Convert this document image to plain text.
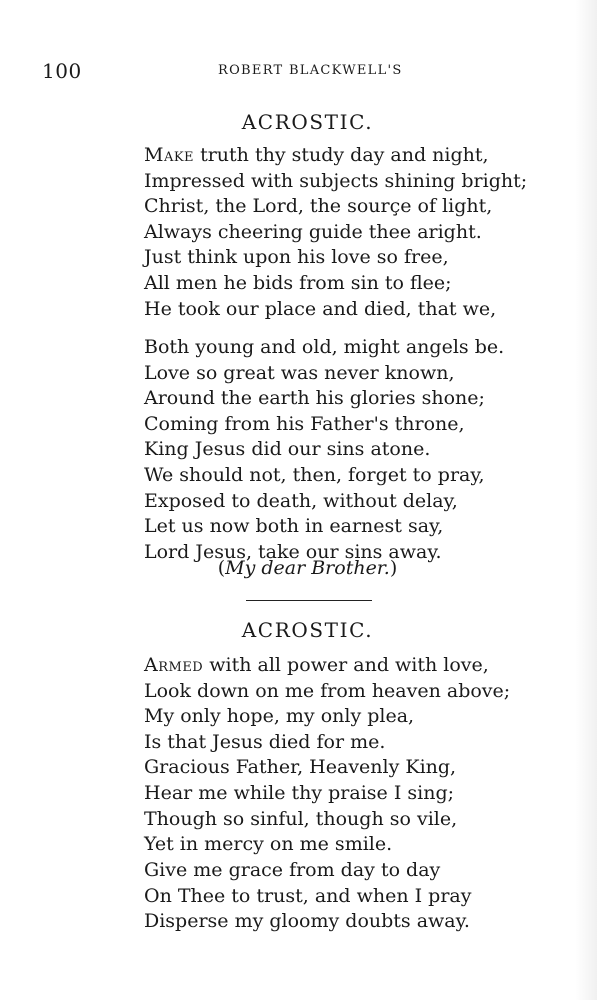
100	ROBERT BLACKWELL'S
ACROSTIC.
Make truth thy study day and night,
Impressed with subjects shining bright;
Christ, the Lord, the sourçe of light,
Always cheering guide thee aright.
Just think upon his love so free,
All men he bids from sin to flee;
He took our place and died, that we,
Both young and old, might angels be.
Love so great was never known,
Around the earth his glories shone;
Coming from his Father's throne,
King Jesus did our sins atone.
We should not, then, forget to pray,
Exposed to death, without delay,
Let us now both in earnest say,
Lord Jesus, take our sins away.
(My dear Brother.)
ACROSTIC.
Armed with all power and with love,
Look down on me from heaven above;
My only hope, my only plea,
Is that Jesus died for me.
Gracious Father, Heavenly King,
Hear me while thy praise I sing;
Though so sinful, though so vile,
Yet in mercy on me smile.
Give me grace from day to day
On Thee to trust, and when I pray
Disperse my gloomy doubts away.
